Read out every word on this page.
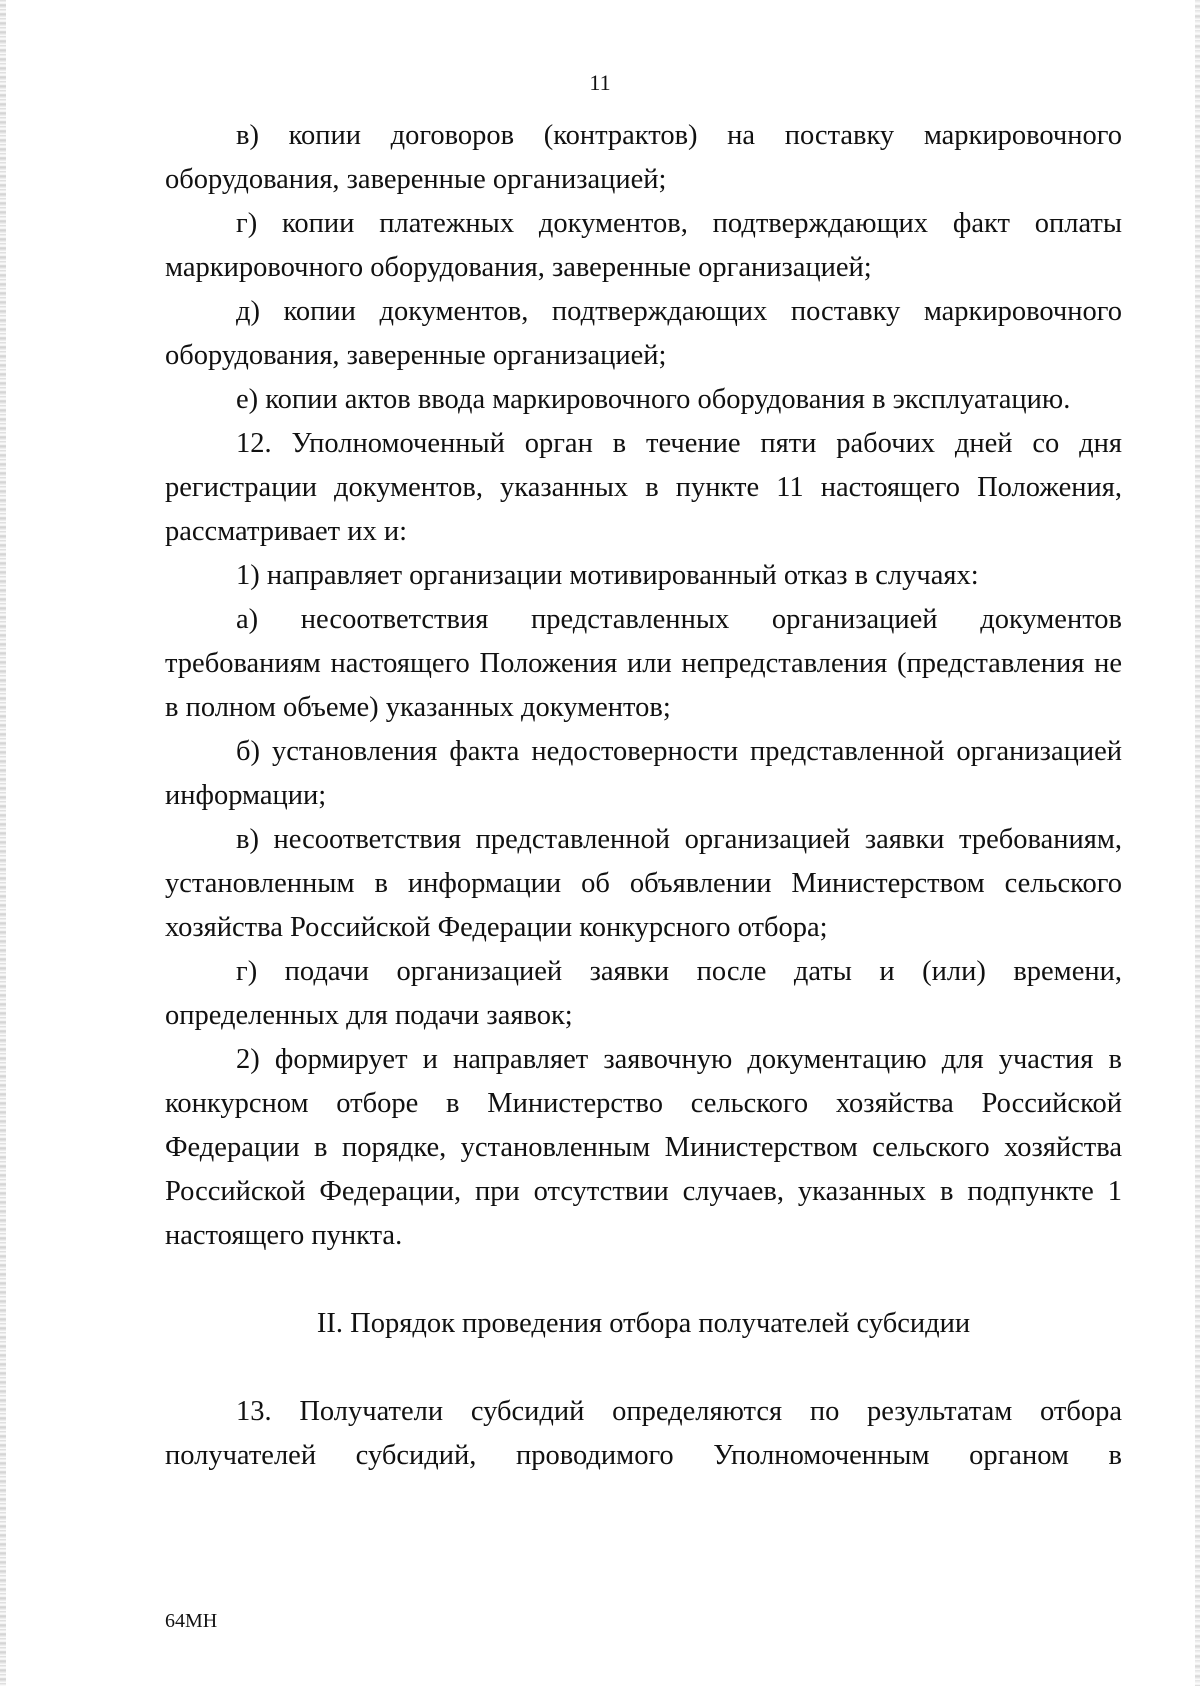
11

в) копии договоров (контрактов) на поставку маркировочного оборудования, заверенные организацией;

г) копии платежных документов, подтверждающих факт оплаты маркировочного оборудования, заверенные организацией;

д) копии документов, подтверждающих поставку маркировочного оборудования, заверенные организацией;

е) копии актов ввода маркировочного оборудования в эксплуатацию.

12. Уполномоченный орган в течение пяти рабочих дней со дня регистрации документов, указанных в пункте 11 настоящего Положения, рассматривает их и:

1) направляет организации мотивированный отказ в случаях:

а) несоответствия представленных организацией документов требованиям настоящего Положения или непредставления (представления не в полном объеме) указанных документов;

б) установления факта недостоверности представленной организацией информации;

в) несоответствия представленной организацией заявки требованиям, установленным в информации об объявлении Министерством сельского хозяйства Российской Федерации конкурсного отбора;

г) подачи организацией заявки после даты и (или) времени, определенных для подачи заявок;

2) формирует и направляет заявочную документацию для участия в конкурсном отборе в Министерство сельского хозяйства Российской Федерации в порядке, установленным Министерством сельского хозяйства Российской Федерации, при отсутствии случаев, указанных в подпункте 1 настоящего пункта.

II. Порядок проведения отбора получателей субсидии

13. Получатели субсидий определяются по результатам отбора получателей субсидий, проводимого Уполномоченным органом в

64МН
